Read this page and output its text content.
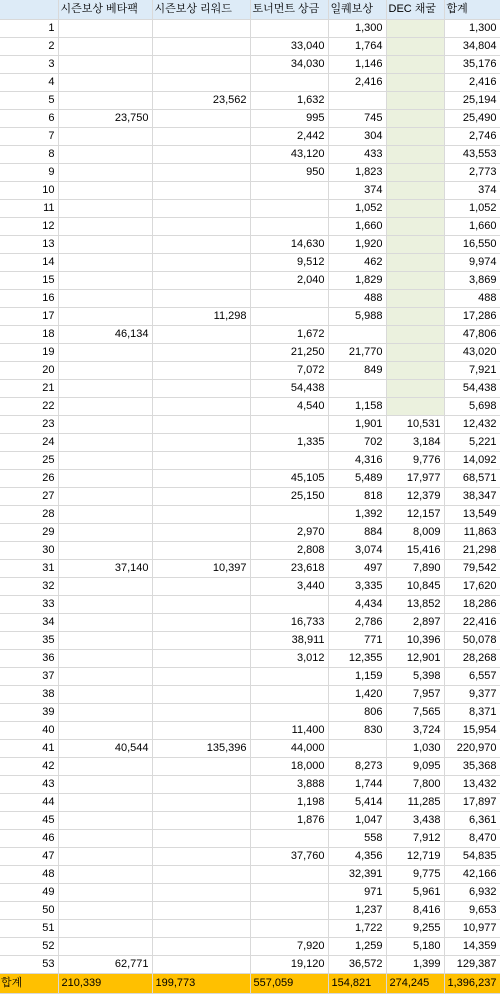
	시즌보상 베타팩	시즌보상 리워드	토너먼트 상금	일퀘보상	DEC 채굴	합계
1				1,300		1,300
2			33,040	1,764		34,804
3			34,030	1,146		35,176
4				2,416		2,416
5		23,562	1,632			25,194
6	23,750		995	745		25,490
7			2,442	304		2,746
8			43,120	433		43,553
9			950	1,823		2,773
10				374		374
11				1,052		1,052
12				1,660		1,660
13			14,630	1,920		16,550
14			9,512	462		9,974
15			2,040	1,829		3,869
16				488		488
17		11,298		5,988		17,286
18	46,134		1,672			47,806
19			21,250	21,770		43,020
20			7,072	849		7,921
21			54,438			54,438
22			4,540	1,158		5,698
23				1,901	10,531	12,432
24			1,335	702	3,184	5,221
25				4,316	9,776	14,092
26			45,105	5,489	17,977	68,571
27			25,150	818	12,379	38,347
28				1,392	12,157	13,549
29			2,970	884	8,009	11,863
30			2,808	3,074	15,416	21,298
31	37,140	10,397	23,618	497	7,890	79,542
32			3,440	3,335	10,845	17,620
33				4,434	13,852	18,286
34			16,733	2,786	2,897	22,416
35			38,911	771	10,396	50,078
36			3,012	12,355	12,901	28,268
37				1,159	5,398	6,557
38				1,420	7,957	9,377
39				806	7,565	8,371
40			11,400	830	3,724	15,954
41	40,544	135,396	44,000		1,030	220,970
42			18,000	8,273	9,095	35,368
43			3,888	1,744	7,800	13,432
44			1,198	5,414	11,285	17,897
45			1,876	1,047	3,438	6,361
46				558	7,912	8,470
47			37,760	4,356	12,719	54,835
48				32,391	9,775	42,166
49				971	5,961	6,932
50				1,237	8,416	9,653
51				1,722	9,255	10,977
52			7,920	1,259	5,180	14,359
53	62,771		19,120	36,572	1,399	129,387
합계	210,339	199,773	557,059	154,821	274,245	1,396,237
